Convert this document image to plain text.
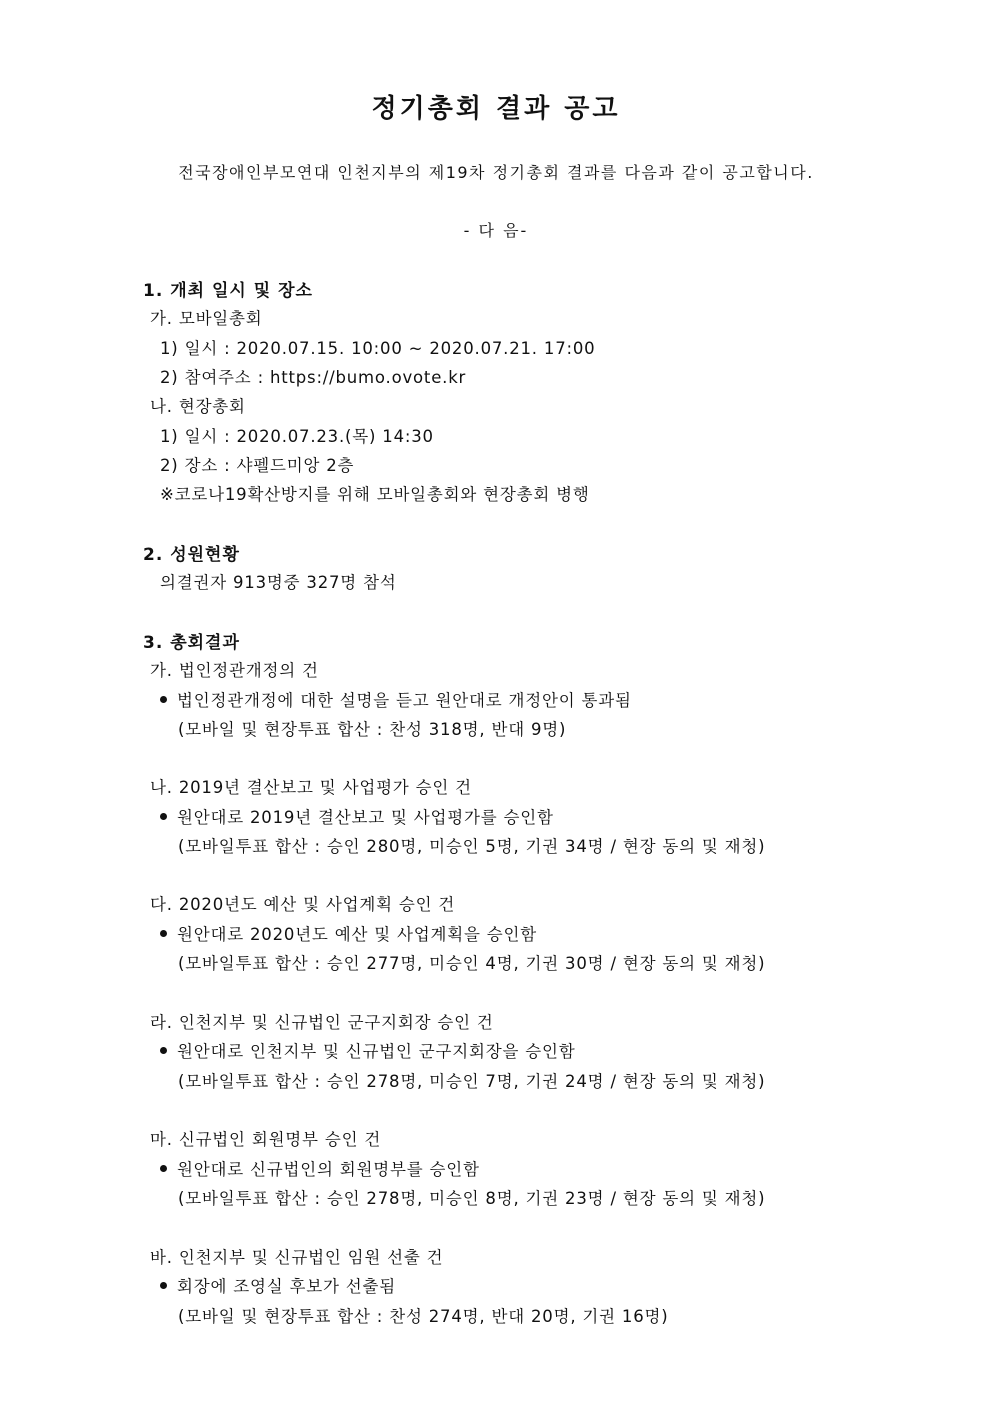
정기총회 결과 공고
전국장애인부모연대 인천지부의 제19차 정기총회 결과를 다음과 같이 공고합니다.
- 다 음-
1. 개최 일시 및 장소
가. 모바일총회
1) 일시 : 2020.07.15. 10:00 ~ 2020.07.21. 17:00
2) 참여주소 : https://bumo.ovote.kr
나. 현장총회
1) 일시 : 2020.07.23.(목) 14:30
2) 장소 : 샤펠드미앙 2층
※코로나19확산방지를 위해 모바일총회와 현장총회 병행
2. 성원현황
의결권자 913명중 327명 참석
3. 총회결과
가. 법인정관개정의 건
법인정관개정에 대한 설명을 듣고 원안대로 개정안이 통과됨
(모바일 및 현장투표 합산 : 찬성 318명, 반대 9명)
나. 2019년 결산보고 및 사업평가 승인 건
원안대로 2019년 결산보고 및 사업평가를 승인함
(모바일투표 합산 : 승인 280명, 미승인 5명, 기권 34명 / 현장 동의 및 재청)
다. 2020년도 예산 및 사업계획 승인 건
원안대로 2020년도 예산 및 사업계획을 승인함
(모바일투표 합산 : 승인 277명, 미승인 4명, 기권 30명 / 현장 동의 및 재청)
라. 인천지부 및 신규법인 군구지회장 승인 건
원안대로 인천지부 및 신규법인 군구지회장을 승인함
(모바일투표 합산 : 승인 278명, 미승인 7명, 기권 24명 / 현장 동의 및 재청)
마. 신규법인 회원명부 승인 건
원안대로 신규법인의 회원명부를 승인함
(모바일투표 합산 : 승인 278명, 미승인 8명, 기권 23명 / 현장 동의 및 재청)
바. 인천지부 및 신규법인 임원 선출 건
회장에 조영실 후보가 선출됨
(모바일 및 현장투표 합산 : 찬성 274명, 반대 20명, 기권 16명)
